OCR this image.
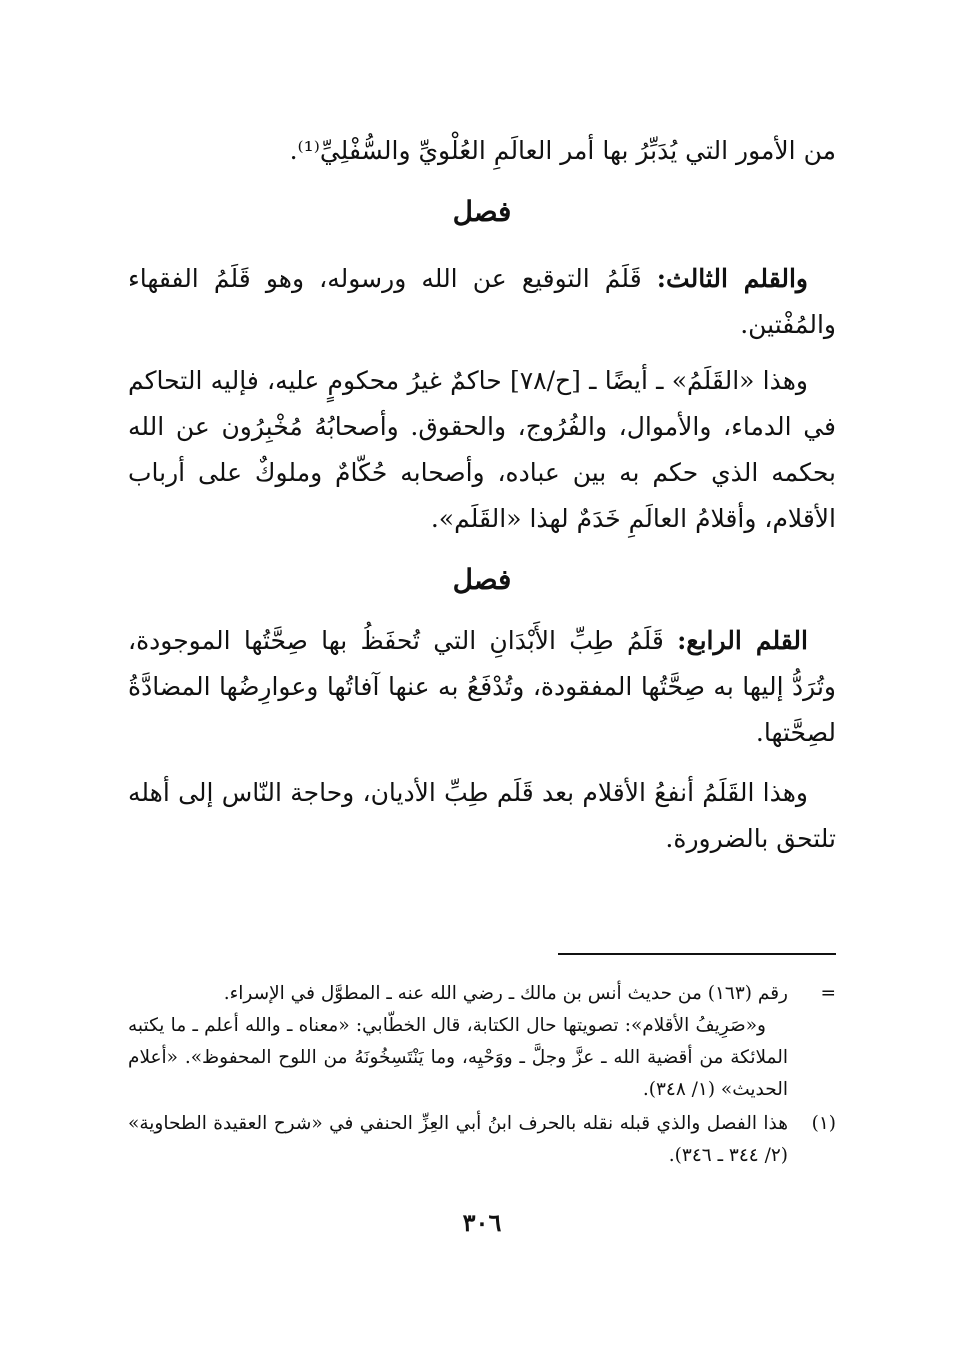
من الأمور التي يُدَبِّرُ بها أمر العالَمِ العُلْويِّ والسُّفْلِيِّ⁽¹⁾.

فصل

والقلم الثالث: قَلَمُ التوقيع عن الله ورسوله، وهو قَلَمُ الفقهاء والمُفْتين.

وهذا «القَلَمُ» ـ أيضًا ـ [ح/٧٨] حاكمٌ غيرُ محكومٍ عليه، فإليه التحاكم في الدماء، والأموال، والفُرُوج، والحقوق. وأصحابُهُ مُخْبِرُون عن الله بحكمه الذي حكم به بين عباده، وأصحابه حُكّامٌ وملوكٌ على أرباب الأقلام، وأقلامُ العالَمِ خَدَمٌ لهذا «القَلَم».

فصل

القلم الرابع: قَلَمُ طِبِّ الأَبْدَانِ التي تُحفَظُ بها صِحَّتُها الموجودة، وتُرَدُّ إليها به صِحَّتُها المفقودة، وتُدْفَعُ به عنها آفاتُها وعوارِضُها المضادَّةُ لصِحَّتها.

وهذا القَلَمُ أنفعُ الأقلام بعد قَلَم طِبِّ الأديان، وحاجة النّاس إلى أهله تلتحق بالضرورة.

=
رقم (١٦٣) من حديث أنس بن مالك ـ رضي الله عنه ـ المطوَّل في الإسراء.
و«صَرِيفُ الأقلام»: تصويتها حال الكتابة، قال الخطّابي: «معناه ـ والله أعلم ـ ما يكتبه الملائكة من أقضية الله ـ عزَّ وجلَّ ـ ووَحْيِه، وما يَنْتَسِخُونَهُ من اللوح المحفوظ». «أعلام الحديث» (١/ ٣٤٨).
(١)
هذا الفصل والذي قبله نقله بالحرف ابنُ أبي العِزِّ الحنفي في «شرح العقيدة الطحاوية» (٢/ ٣٤٤ ـ ٣٤٦).
٣٠٦
